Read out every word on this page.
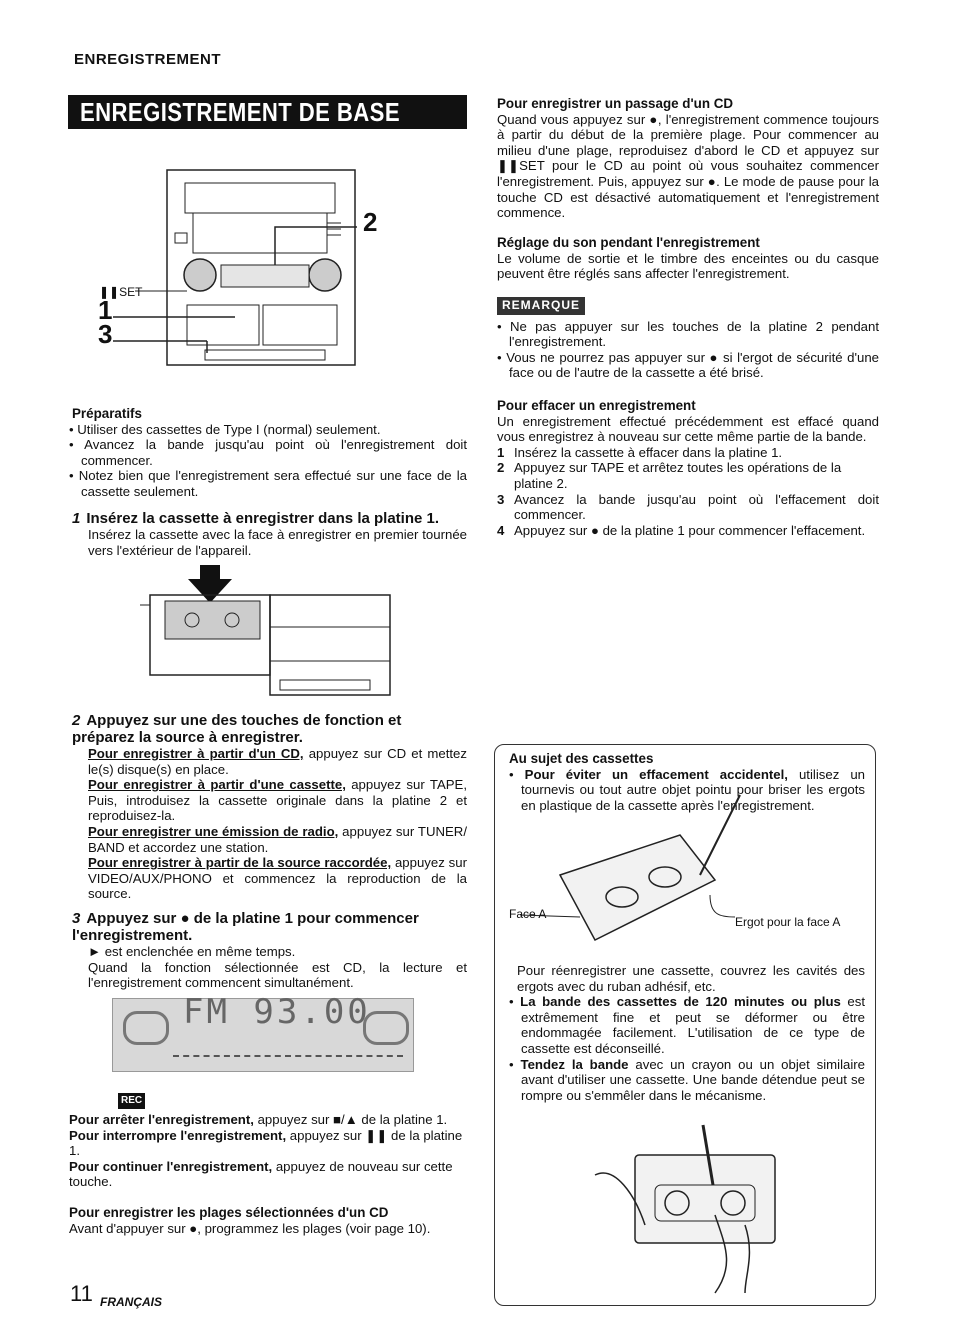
ENREGISTREMENT
ENREGISTREMENT DE BASE
❚❚SET
1
3
2
Préparatifs

• Utiliser des cassettes de Type I (normal) seulement.

• Avancez la bande jusqu'au point où l'enregistrement doit commencer.

• Notez bien que l'enregistrement sera effectué sur une face de la cassette seulement.

1 Insérez la cassette à enregistrer dans la platine 1.

Insérez la cassette avec la face à enregistrer en premier tournée vers l'extérieur de l'appareil.

2 Appuyez sur une des touches de fonction et préparez la source à enregistrer.

Pour enregistrer à partir d'un CD, appuyez sur CD et mettez le(s) disque(s) en place.

Pour enregistrer à partir d'une cassette, appuyez sur TAPE, Puis, introduisez la cassette originale dans la platine 2 et reproduisez-la.

Pour enregistrer une émission de radio, appuyez sur TUNER/ BAND et accordez une station.

Pour enregistrer à partir de la source raccordée, appuyez sur VIDEO/AUX/PHONO et commencez la reproduction de la source.

3 Appuyez sur ● de la platine 1 pour commencer l'enregistrement.

► est enclenchée en même temps.

Quand la fonction sélectionnée est CD, la lecture et l'enregistrement commencent simultanément.

FM 93.00
REC

Pour arrêter l'enregistrement, appuyez sur ■/▲ de la platine 1.

Pour interrompre l'enregistrement, appuyez sur ❚❚ de la platine 1.

Pour continuer l'enregistrement, appuyez de nouveau sur cette touche.

Pour enregistrer les plages sélectionnées d'un CD

Avant d'appuyer sur ●, programmez les plages (voir page 10).

11 FRANÇAIS
Pour enregistrer un passage d'un CD

Quand vous appuyez sur ●, l'enregistrement commence toujours à partir du début de la première plage. Pour commencer au milieu d'une plage, reproduisez d'abord le CD et appuyez sur ❚❚SET pour le CD au point où vous souhaitez commencer l'enregistrement. Puis, appuyez sur ●. Le mode de pause pour la touche CD est désactivé automatiquement et l'enregistrement commence.

Réglage du son pendant l'enregistrement

Le volume de sortie et le timbre des enceintes ou du casque peuvent être réglés sans affecter l'enregistrement.

REMARQUE

• Ne pas appuyer sur les touches de la platine 2 pendant l'enregistrement.

• Vous ne pourrez pas appuyer sur ● si l'ergot de sécurité d'une face ou de l'autre de la cassette a été brisé.

Pour effacer un enregistrement

Un enregistrement effectué précédemment est effacé quand vous enregistrez à nouveau sur cette même partie de la bande.

1 Insérez la cassette à effacer dans la platine 1.
2 Appuyez sur TAPE et arrêtez toutes les opérations de la platine 2.
3 Avancez la bande jusqu'au point où l'effacement doit commencer.
4 Appuyez sur ● de la platine 1 pour commencer l'effacement.
Au sujet des cassettes

• Pour éviter un effacement accidentel, utilisez un tournevis ou tout autre objet pointu pour briser les ergots en plastique de la cassette après l'enregistrement.

Face A
Ergot pour la face A

Pour réenregistrer une cassette, couvrez les cavités des ergots avec du ruban adhésif, etc.

• La bande des cassettes de 120 minutes ou plus est extrêmement fine et peut se déformer ou être endommagée facilement. L'utilisation de ce type de cassette est déconseillé.

• Tendez la bande avec un crayon ou un objet similaire avant d'utiliser une cassette. Une bande détendue peut se rompre ou s'emmêler dans le mécanisme.
